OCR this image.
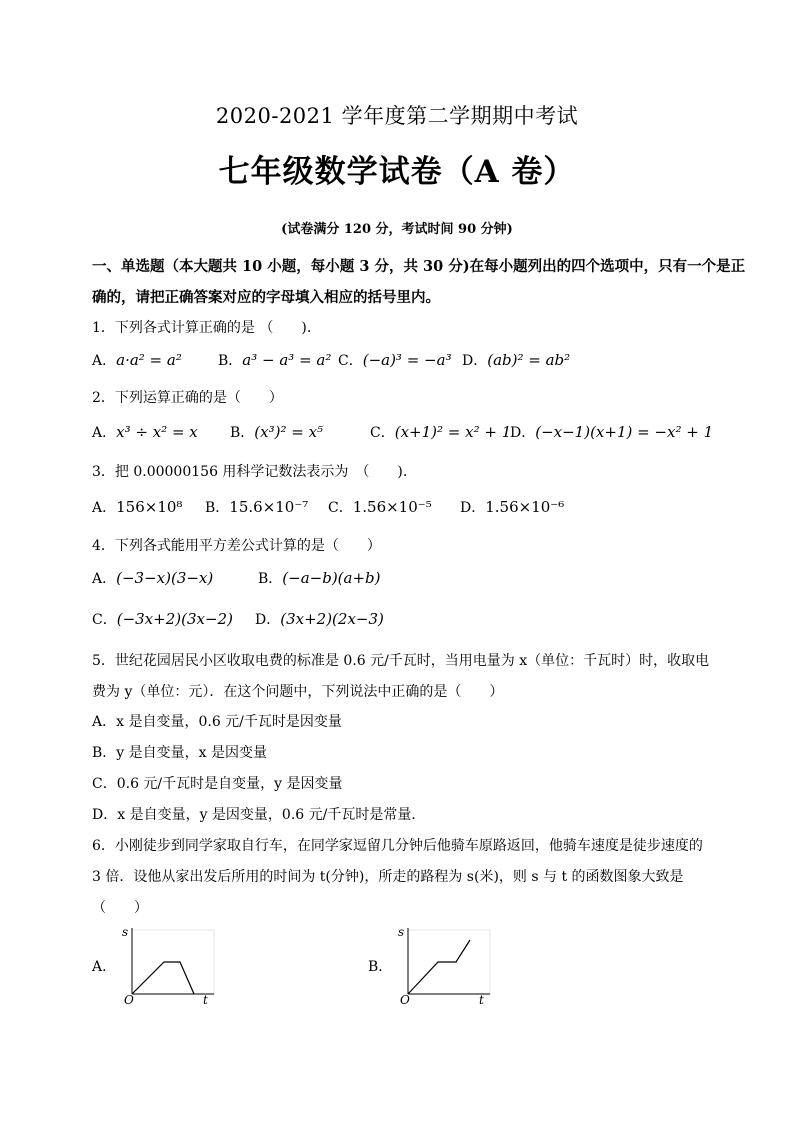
2020-2021 学年度第二学期期中考试
七年级数学试卷（A 卷）
(试卷满分 120 分，考试时间 90 分钟)
一、单选题（本大题共 10 小题，每小题 3 分，共 30 分)在每小题列出的四个选项中，只有一个是正
确的，请把正确答案对应的字母填入相应的括号里内。
1．下列各式计算正确的是 （　　).
A．a·a² = a²	B．a³ − a³ = a² C．(−a)³ = −a³ D．(ab)² = ab²
2．下列运算正确的是（　　）
A．x³ ÷ x² = x B．(x³)² = x⁵	C．(x+1)² = x² + 1
D．(−x−1)(x+1) = −x² + 1
3．把 0.00000156 用科学记数法表示为　（　　).
A．156×10⁸ B．15.6×10⁻⁷ C．1.56×10⁻⁵ D．1.56×10⁻⁶
4．下列各式能用平方差公式计算的是（　　）
A．(−3−x)(3−x)	B．(−a−b)(a+b)
C．(−3x+2)(3x−2) D．(3x+2)(2x−3)
5．世纪花园居民小区收取电费的标准是 0.6 元/千瓦时，当用电量为 x（单位：千瓦时）时，收取电
费为 y（单位：元）．在这个问题中，下列说法中正确的是（　　）
A．x 是自变量，0.6 元/千瓦时是因变量
B．y 是自变量，x 是因变量
C．0.6 元/千瓦时是自变量，y 是因变量
D．x 是自变量，y 是因变量，0.6 元/千瓦时是常量．
6．小刚徒步到同学家取自行车，在同学家逗留几分钟后他骑车原路返回，他骑车速度是徒步速度的
3 倍．设他从家出发后所用的时间为 t(分钟)，所走的路程为 s(米)，则 s 与 t 的函数图象大致是
（　　）
A．
s
t
O
B．
s
t
O
